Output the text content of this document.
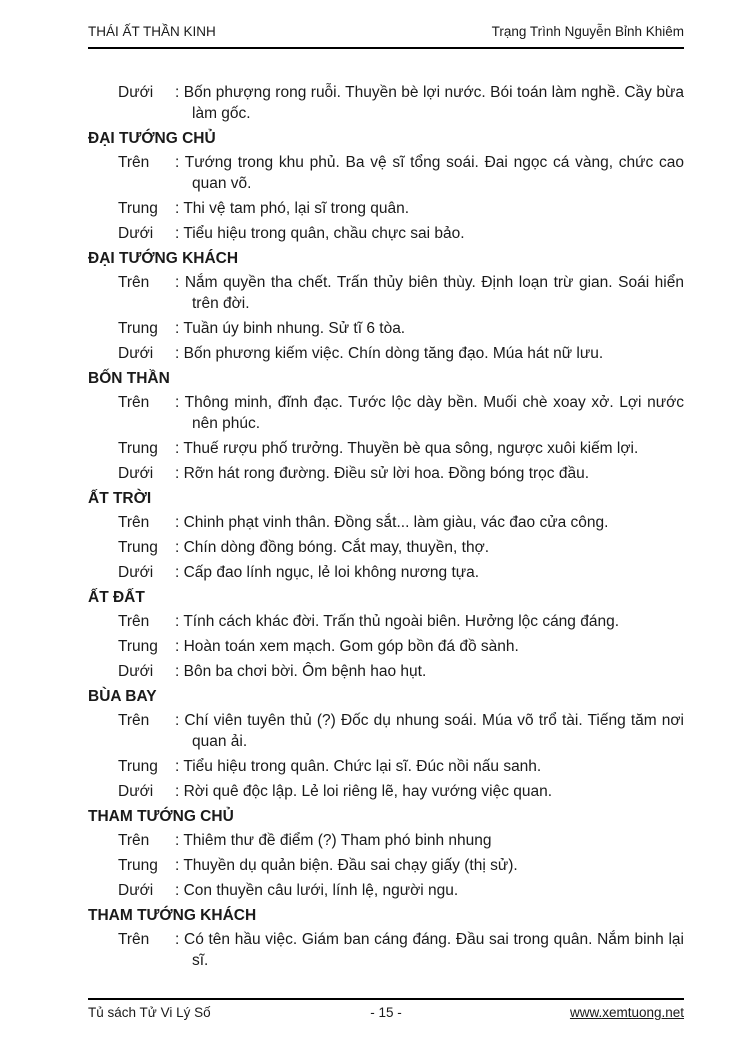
THÁI ẤT THẦN KINH	Trạng Trình Nguyễn Bỉnh Khiêm
Dưới	: Bốn phượng rong ruỗi. Thuyền bè lợi nước. Bói toán làm nghề. Cầy bừa làm gốc.
ĐẠI TƯỚNG CHỦ
Trên	: Tướng trong khu phủ. Ba vệ sĩ tổng soái. Đai ngọc cá vàng, chức cao quan võ.
Trung	: Thi vệ tam phó, lại sĩ trong quân.
Dưới	: Tiểu hiệu trong quân, chầu chực sai bảo.
ĐẠI TƯỚNG KHÁCH
Trên	: Nắm quyền tha chết. Trấn thủy biên thùy. Định loạn trừ gian. Soái hiển trên đời.
Trung	: Tuần úy binh nhung. Sử tĩ 6 tòa.
Dưới	: Bốn phương kiếm việc. Chín dòng tăng đạo. Múa hát nữ lưu.
BỐN THẦN
Trên	: Thông minh, đĩnh đạc. Tước lộc dày bền. Muối chè xoay xở. Lợi nước nên phúc.
Trung	: Thuế rượu phố trưởng. Thuyền bè qua sông, ngược xuôi kiếm lợi.
Dưới	: Rỡn hát rong đường. Điều sử lời hoa. Đồng bóng trọc đầu.
ẤT TRỜI
Trên	: Chinh phạt vinh thân. Đồng sắt... làm giàu, vác đao cửa công.
Trung	: Chín dòng đồng bóng. Cắt may, thuyền, thợ.
Dưới	: Cấp đao lính ngục, lẻ loi không nương tựa.
ẤT ĐẤT
Trên	: Tính cách khác đời. Trấn thủ ngoài biên. Hưởng lộc cáng đáng.
Trung	: Hoàn toán xem mạch. Gom góp bồn đá đồ sành.
Dưới	: Bôn ba chơi bời. Ôm bệnh hao hụt.
BÙA BAY
Trên	: Chí viên tuyên thủ (?) Đốc dụ nhung soái. Múa võ trổ tài. Tiếng tăm nơi quan ải.
Trung	: Tiểu hiệu trong quân. Chức lại sĩ. Đúc nồi nấu sanh.
Dưới	: Rời quê độc lập. Lẻ loi riêng lẽ, hay vướng việc quan.
THAM TƯỚNG CHỦ
Trên	: Thiêm thư đề điểm (?) Tham phó binh nhung
Trung	: Thuyền dụ quản biện. Đầu sai chạy giấy (thị sử).
Dưới	: Con thuyền câu lưới, lính lệ, người ngu.
THAM TƯỚNG KHÁCH
Trên	: Có tên hầu việc. Giám ban cáng đáng. Đầu sai trong quân. Nắm binh lại sĩ.
Tủ sách Tử Vi Lý Số	- 15 -	www.xemtuong.net
